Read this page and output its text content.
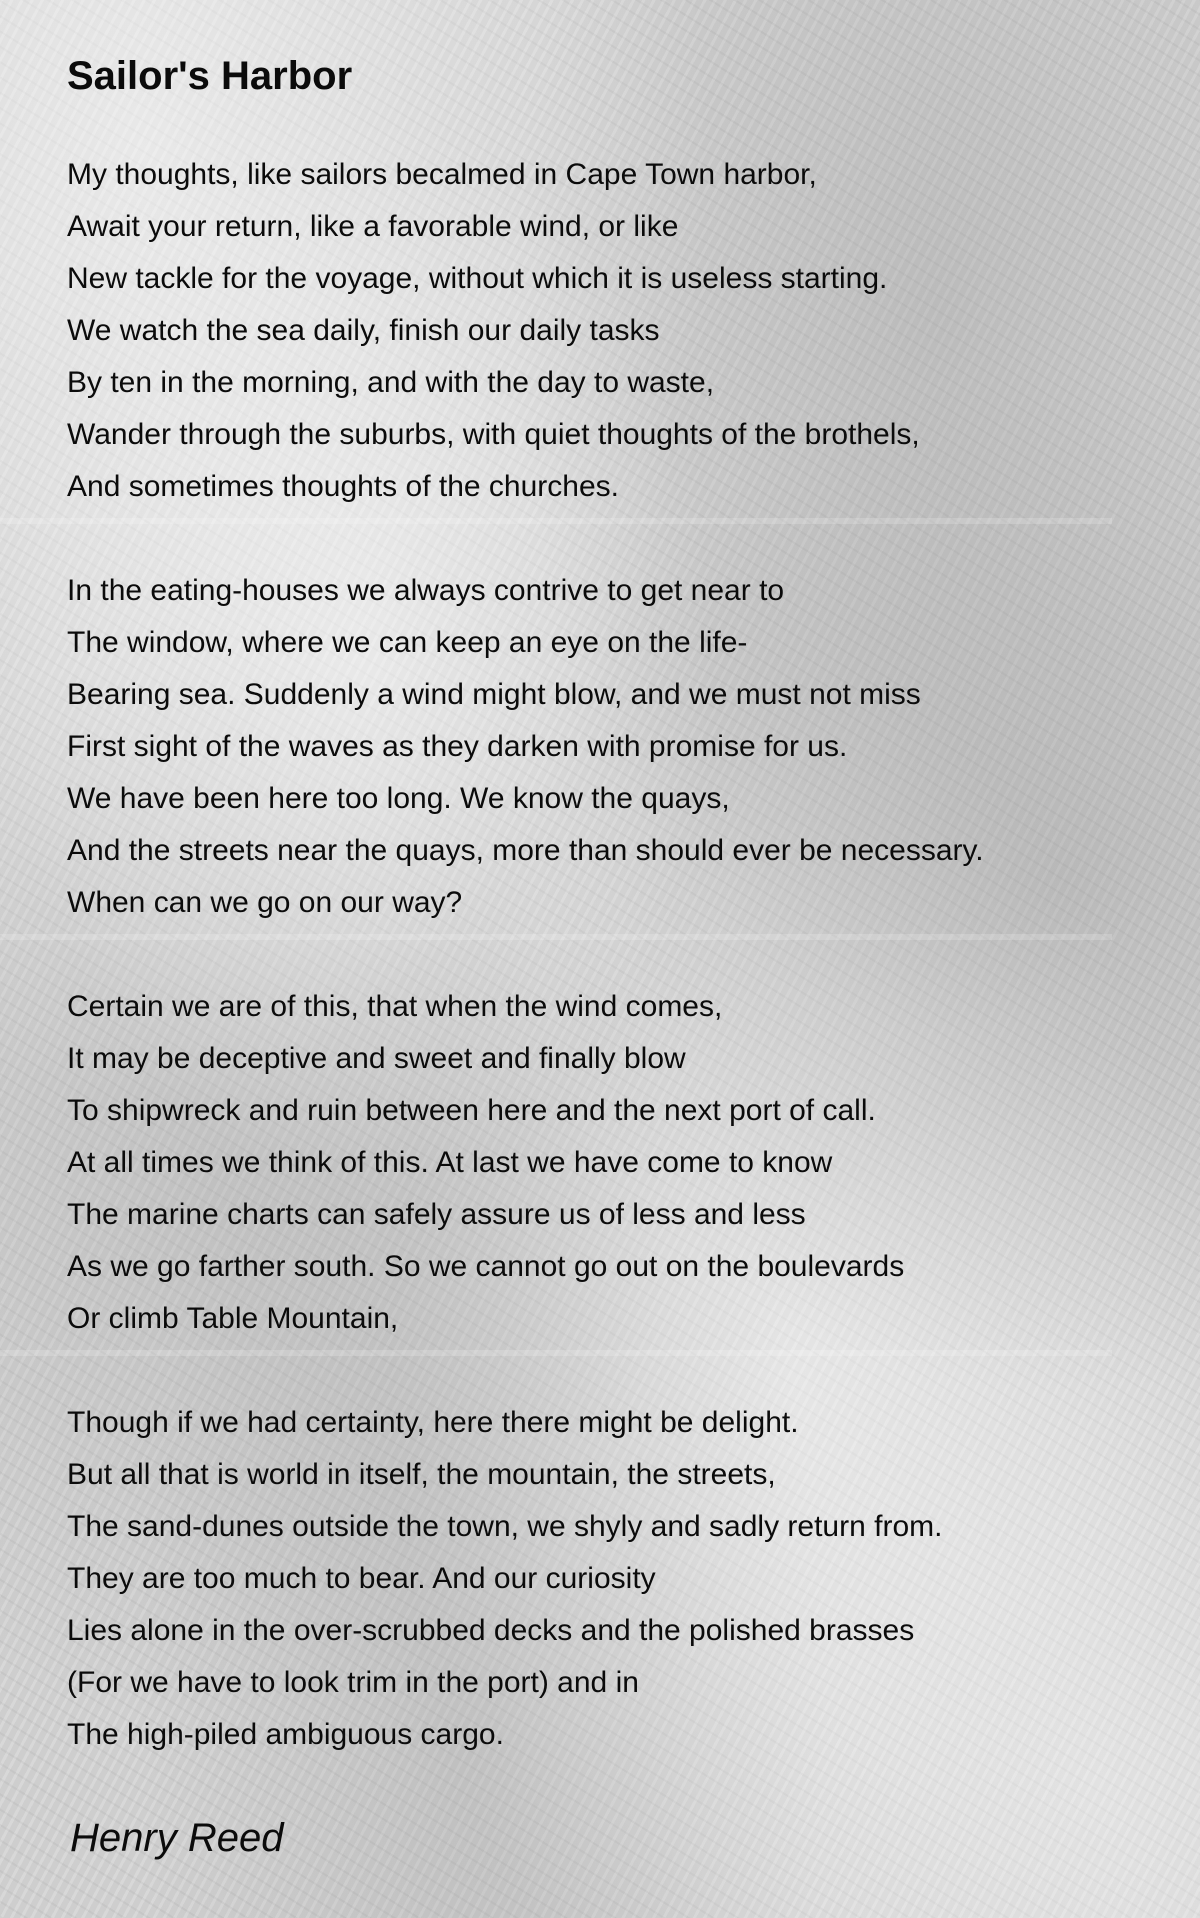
Sailor's Harbor
My thoughts, like sailors becalmed in Cape Town harbor,
Await your return, like a favorable wind, or like
New tackle for the voyage, without which it is useless starting.
We watch the sea daily, finish our daily tasks
By ten in the morning, and with the day to waste,
Wander through the suburbs, with quiet thoughts of the brothels,
And sometimes thoughts of the churches.
In the eating-houses we always contrive to get near to
The window, where we can keep an eye on the life-
Bearing sea. Suddenly a wind might blow, and we must not miss
First sight of the waves as they darken with promise for us.
We have been here too long. We know the quays,
And the streets near the quays, more than should ever be necessary.
When can we go on our way?
Certain we are of this, that when the wind comes,
It may be deceptive and sweet and finally blow
To shipwreck and ruin between here and the next port of call.
At all times we think of this. At last we have come to know
The marine charts can safely assure us of less and less
As we go farther south. So we cannot go out on the boulevards
Or climb Table Mountain,
Though if we had certainty, here there might be delight.
But all that is world in itself, the mountain, the streets,
The sand-dunes outside the town, we shyly and sadly return from.
They are too much to bear. And our curiosity
Lies alone in the over-scrubbed decks and the polished brasses
(For we have to look trim in the port) and in
The high-piled ambiguous cargo.

Henry Reed
